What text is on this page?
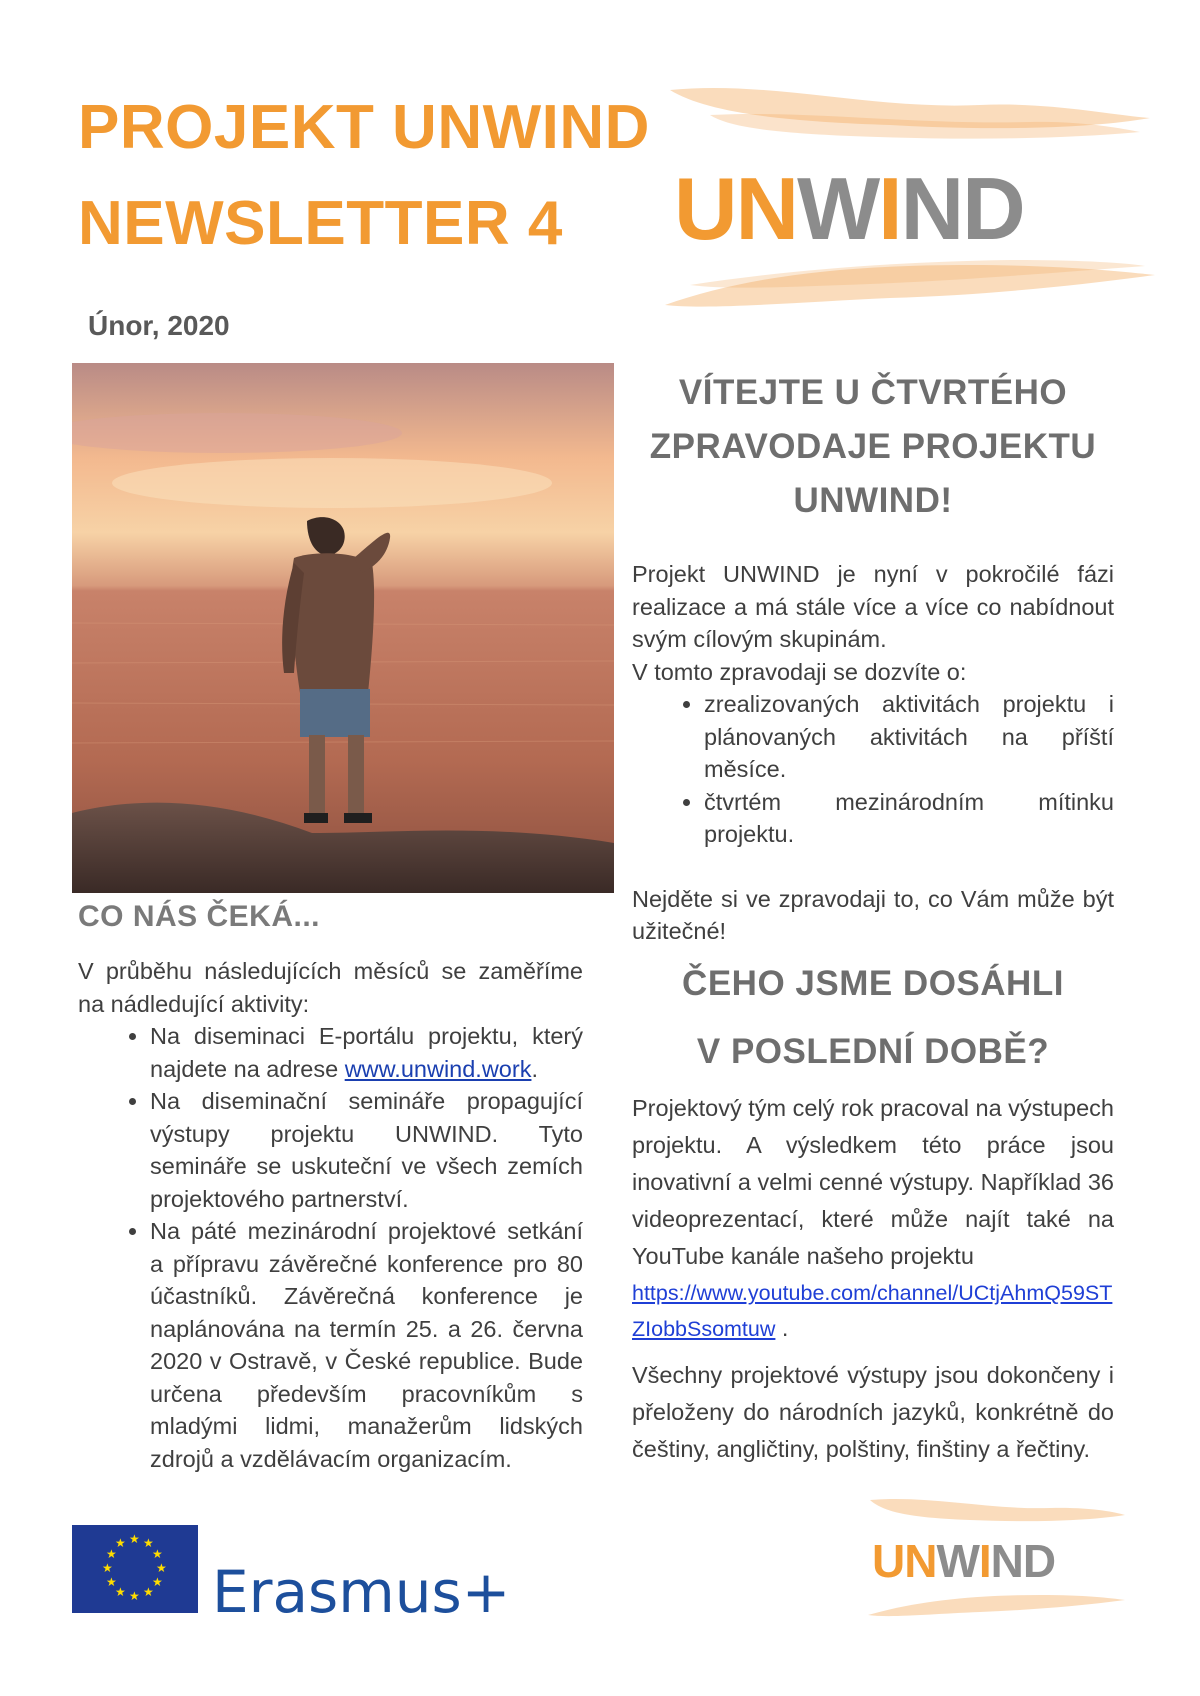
PROJEKT UNWIND
NEWSLETTER 4
Únor, 2020
UNWIND
CO NÁS ČEKÁ...
V průběhu následujících měsíců se zaměříme na nádledující aktivity:
• Na diseminaci E-portálu projektu, který najdete na adrese www.unwind.work.
• Na diseminační semináře propagující výstupy projektu UNWIND. Tyto semináře se uskuteční ve všech zemích projektového partnerství.
• Na páté mezinárodní projektové setkání a přípravu závěrečné konference pro 80 účastníků. Závěrečná konference je naplánována na termín 25. a 26. června 2020 v Ostravě, v České republice. Bude určena především pracovníkům s mladými lidmi, manažerům lidských zdrojů a vzdělávacím organizacím.
VÍTEJTE U ČTVRTÉHO ZPRAVODAJE PROJEKTU UNWIND!
Projekt UNWIND je nyní v pokročilé fázi realizace a má stále více a více co nabídnout svým cílovým skupinám.
V tomto zpravodaji se dozvíte o:
• zrealizovaných aktivitách projektu i plánovaných aktivitách na příští měsíce.
• čtvrtém mezinárodním mítinku projektu.
Nejděte si ve zpravodaji to, co Vám může být užitečné!
ČEHO JSME DOSÁHLI
V POSLEDNÍ DOBĚ?
Projektový tým celý rok pracoval na výstupech projektu. A výsledkem této práce jsou inovativní a velmi cenné výstupy. Například 36 videoprezentací, které může najít také na YouTube kanále našeho projektu
https://www.youtube.com/channel/UCtjAhmQ59STZIobbSsomtuw .
Všechny projektové výstupy jsou dokončeny i přeloženy do národních jazyků, konkrétně do češtiny, angličtiny, polštiny, finštiny a řečtiny.
★ ★
★
★
★
★
★
★
★
★
★
★
Erasmus+	UNWIND
